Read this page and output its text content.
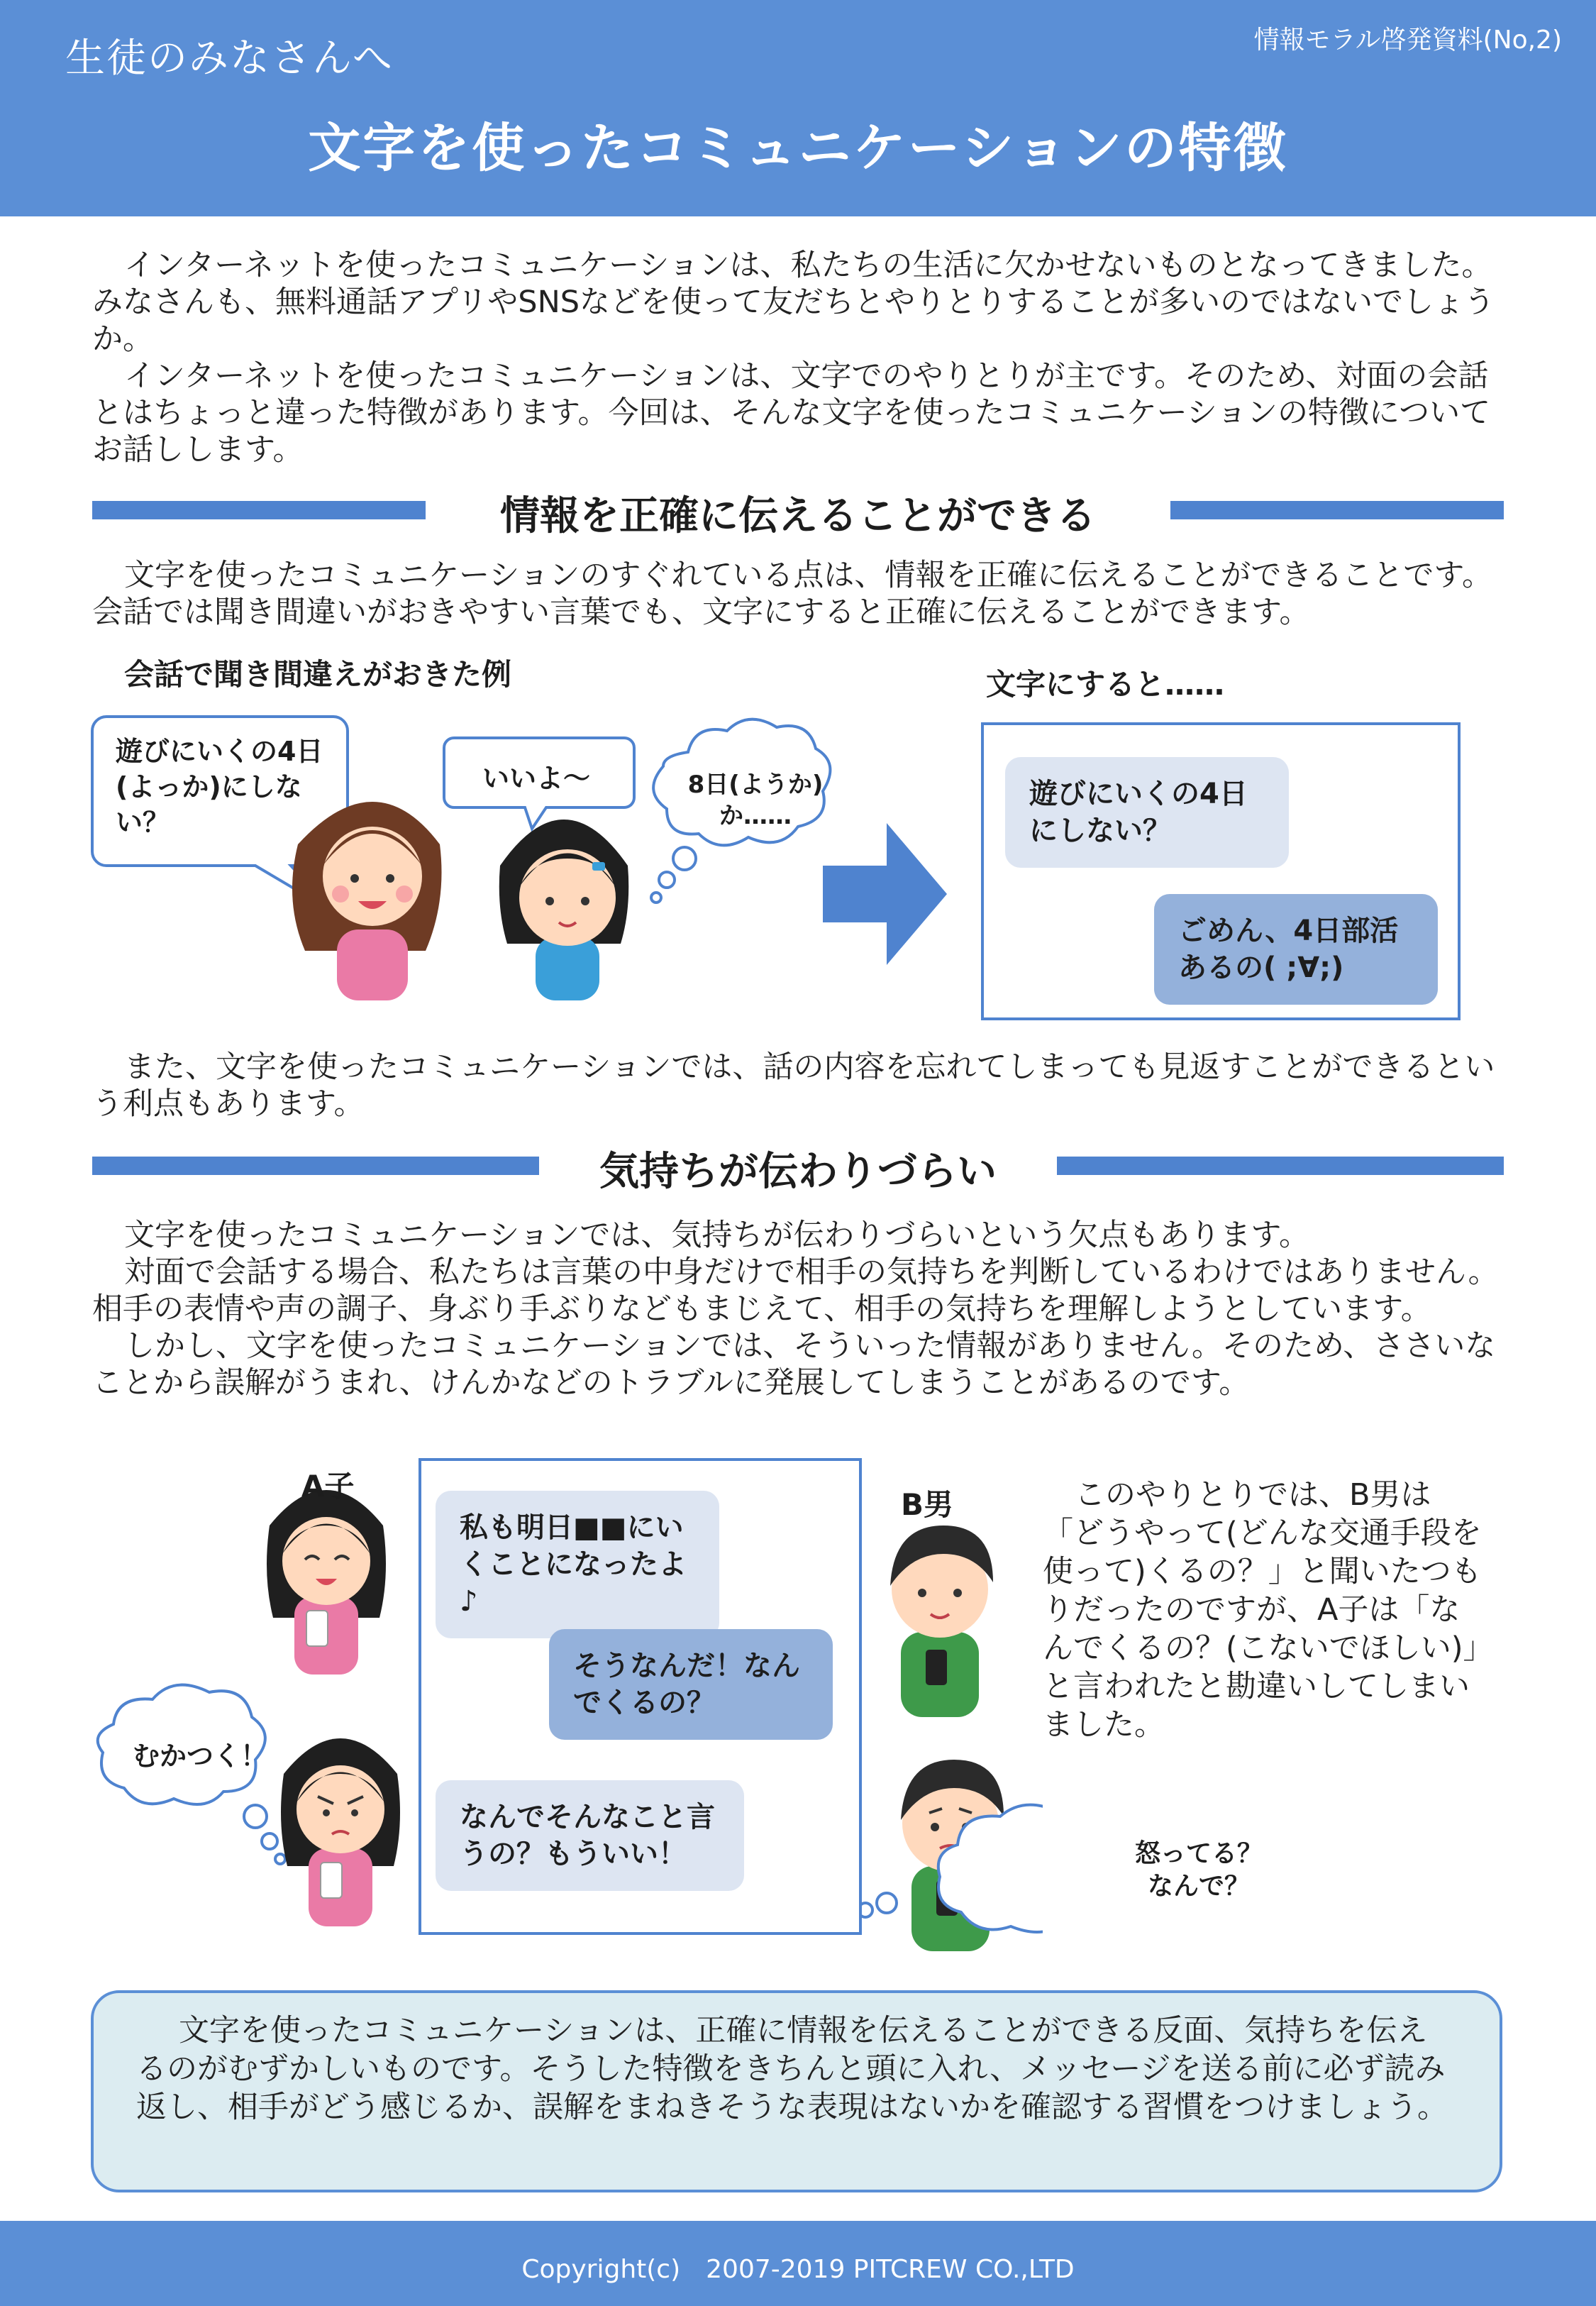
生徒のみなさんへ	情報モラル啓発資料(No,2)
文字を使ったコミュニケーションの特徴

インターネットを使ったコミュニケーションは、私たちの生活に欠かせないものとなってきました。みなさんも、無料通話アプリやSNSなどを使って友だちとやりとりすることが多いのではないでしょうか。

インターネットを使ったコミュニケーションは、文字でのやりとりが主です。そのため、対面の会話とはちょっと違った特徴があります。今回は、そんな文字を使ったコミュニケーションの特徴についてお話しします。

情報を正確に伝えることができる

文字を使ったコミュニケーションのすぐれている点は、情報を正確に伝えることができることです。会話では聞き間違いがおきやすい言葉でも、文字にすると正確に伝えることができます。

会話で聞き間違えがおきた例	文字にすると……
遊びにいくの4日(よっか)にしない？
いいよ〜	8日(ようか)か……
遊びにいくの4日にしない？
ごめん、4日部活あるの( ;∀;)

また、文字を使ったコミュニケーションでは、話の内容を忘れてしまっても見返すことができるという利点もあります。

気持ちが伝わりづらい

文字を使ったコミュニケーションでは、気持ちが伝わりづらいという欠点もあります。

対面で会話する場合、私たちは言葉の中身だけで相手の気持ちを判断しているわけではありません。相手の表情や声の調子、身ぶり手ぶりなどもまじえて、相手の気持ちを理解しようとしています。

しかし、文字を使ったコミュニケーションでは、そういった情報がありません。そのため、ささいなことから誤解がうまれ、けんかなどのトラブルに発展してしまうことがあるのです。

A子
B男
むかつく！
怒ってる？なんで？
私も明日■■にいくことになったよ♪
そうなんだ！なんでくるの？
なんでそんなこと言うの？もういい！

このやりとりでは、B男は「どうやって(どんな交通手段を使って)くるの？」と聞いたつもりだったのですが、A子は「なんでくるの？(こないでほしい)」と言われたと勘違いしてしまいました。

文字を使ったコミュニケーションは、正確に情報を伝えることができる反面、気持ちを伝えるのがむずかしいものです。そうした特徴をきちんと頭に入れ、メッセージを送る前に必ず読み返し、相手がどう感じるか、誤解をまねきそうな表現はないかを確認する習慣をつけましょう。

Copyright(c)　2007-2019 PITCREW CO.,LTD
